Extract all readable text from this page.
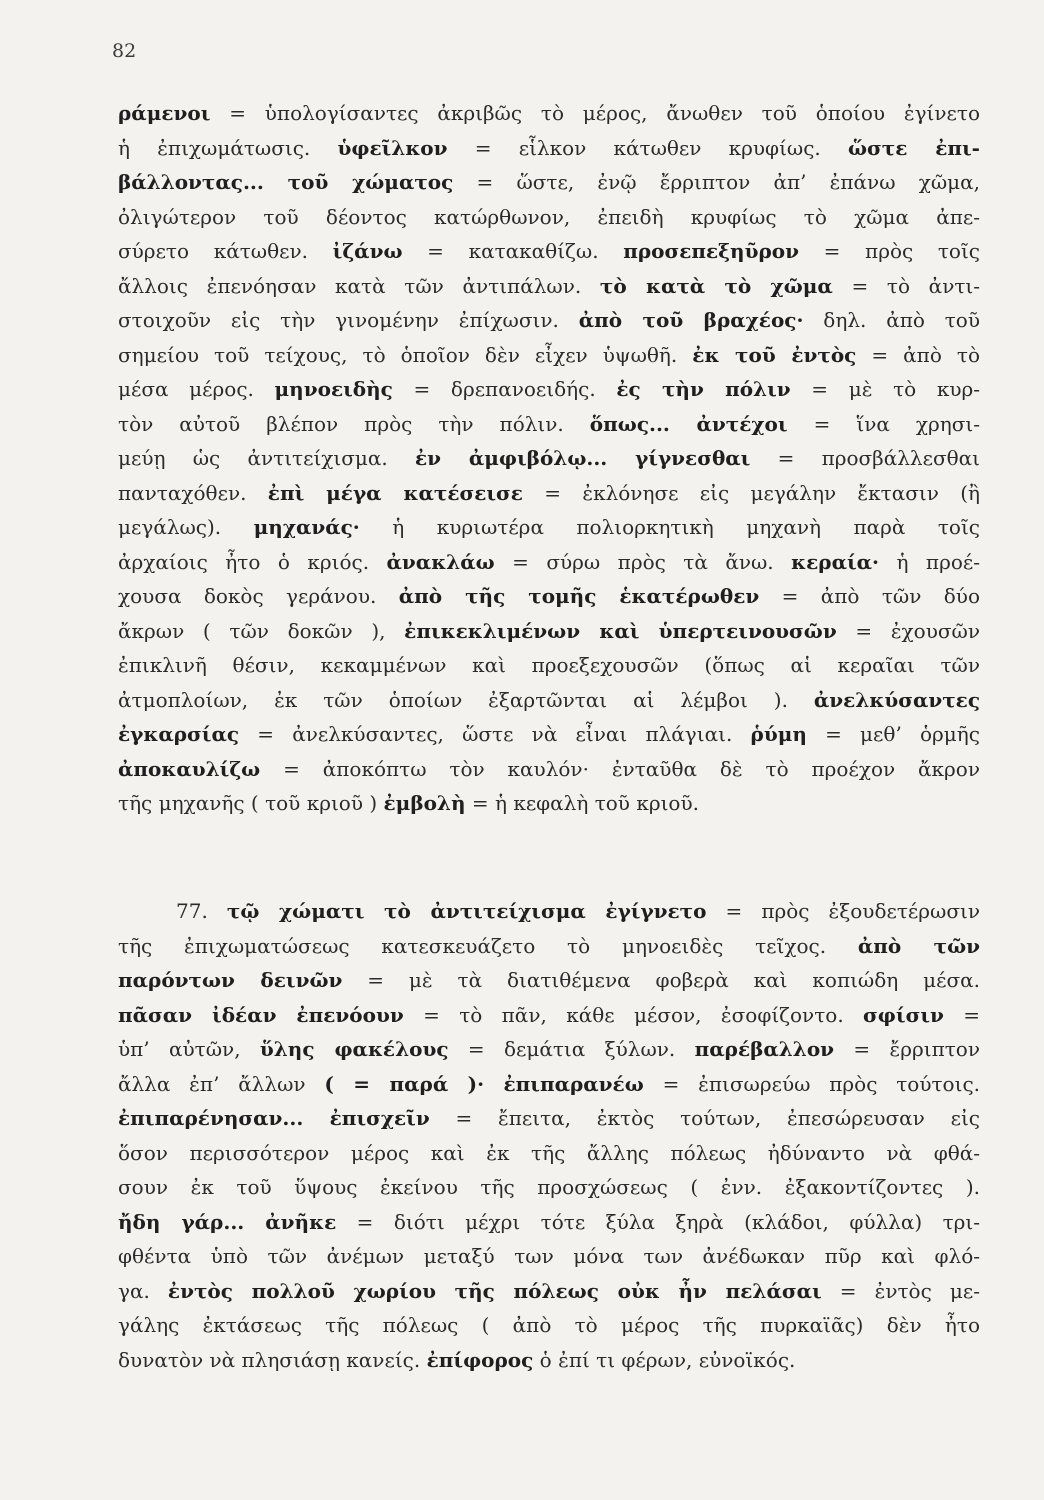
82
ράμενοι = ὑπολογίσαντες ἀκριβῶς τὸ μέρος, ἄνωθεν τοῦ ὁποίου ἐγίνετο
ἡ ἐπιχωμάτωσις. ὑφεῖλκον = εἷλκον κάτωθεν κρυφίως. ὥστε ἐπι-
βάλλοντας... τοῦ χώματος = ὥστε, ἐνῷ ἔρριπτον ἀπ’ ἐπάνω χῶμα,
ὀλιγώτερον τοῦ δέοντος κατώρθωνον, ἐπειδὴ κρυφίως τὸ χῶμα ἀπε-
σύρετο κάτωθεν. ἰζάνω = κατακαθίζω. προσεπεξηῦρον = πρὸς τοῖς
ἄλλοις ἐπενόησαν κατὰ τῶν ἀντιπάλων. τὸ κατὰ τὸ χῶμα = τὸ ἀντι-
στοιχοῦν εἰς τὴν γινομένην ἐπίχωσιν. ἀπὸ τοῦ βραχέος· δηλ. ἀπὸ τοῦ
σημείου τοῦ τείχους, τὸ ὁποῖον δὲν εἶχεν ὑψωθῆ. ἐκ τοῦ ἐντὸς = ἀπὸ τὸ
μέσα μέρος. μηνοειδὴς = δρεπανοειδής. ἐς τὴν πόλιν = μὲ τὸ κυρ-
τὸν αὐτοῦ βλέπον πρὸς τὴν πόλιν. ὅπως... ἀντέχοι = ἵνα χρησι-
μεύῃ ὡς ἀντιτείχισμα. ἐν ἀμφιβόλῳ... γίγνεσθαι = προσβάλλεσθαι
πανταχόθεν. ἐπὶ μέγα κατέσεισε = ἐκλόνησε εἰς μεγάλην ἔκτασιν (ἢ
μεγάλως). μηχανάς· ἡ κυριωτέρα πολιορκητικὴ μηχανὴ παρὰ τοῖς
ἀρχαίοις ἦτο ὁ κριός. ἀνακλάω = σύρω πρὸς τὰ ἄνω. κεραία· ἡ προέ-
χουσα δοκὸς γεράνου. ἀπὸ τῆς τομῆς ἑκατέρωθεν = ἀπὸ τῶν δύο
ἄκρων ( τῶν δοκῶν ), ἐπικεκλιμένων καὶ ὑπερτεινουσῶν = ἐχουσῶν
ἐπικλινῆ θέσιν, κεκαμμένων καὶ προεξεχουσῶν (ὅπως αἱ κεραῖαι τῶν
ἀτμοπλοίων, ἐκ τῶν ὁποίων ἐξαρτῶνται αἱ λέμβοι ). ἀνελκύσαντες
ἐγκαρσίας = ἀνελκύσαντες, ὥστε νὰ εἶναι πλάγιαι. ῥύμη = μεθ’ ὁρμῆς
ἀποκαυλίζω = ἀποκόπτω τὸν καυλόν· ἐνταῦθα δὲ τὸ προέχον ἄκρον
τῆς μηχανῆς ( τοῦ κριοῦ ) ἐμβολὴ = ἡ κεφαλὴ τοῦ κριοῦ.
77. τῷ χώματι τὸ ἀντιτείχισμα ἐγίγνετο = πρὸς ἐξουδετέρωσιν
τῆς ἐπιχωματώσεως κατεσκευάζετο τὸ μηνοειδὲς τεῖχος. ἀπὸ τῶν
παρόντων δεινῶν = μὲ τὰ διατιθέμενα φοβερὰ καὶ κοπιώδη μέσα.
πᾶσαν ἰδέαν ἐπενόουν = τὸ πᾶν, κάθε μέσον, ἐσοφίζοντο. σφίσιν =
ὑπ’ αὐτῶν, ὕλης φακέλους = δεμάτια ξύλων. παρέβαλλον = ἔρριπτον
ἄλλα ἐπ’ ἄλλων ( = παρά )· ἐπιπαρανέω = ἐπισωρεύω πρὸς τούτοις.
ἐπιπαρένησαν... ἐπισχεῖν = ἔπειτα, ἐκτὸς τούτων, ἐπεσώρευσαν εἰς
ὅσον περισσότερον μέρος καὶ ἐκ τῆς ἄλλης πόλεως ἠδύναντο νὰ φθά-
σουν ἐκ τοῦ ὕψους ἐκείνου τῆς προσχώσεως ( ἐνν. ἐξακοντίζοντες ).
ἤδη γάρ... ἀνῆκε = διότι μέχρι τότε ξύλα ξηρὰ (κλάδοι, φύλλα) τρι-
φθέντα ὑπὸ τῶν ἀνέμων μεταξύ των μόνα των ἀνέδωκαν πῦρ καὶ φλό-
γα. ἐντὸς πολλοῦ χωρίου τῆς πόλεως οὐκ ἦν πελάσαι = ἐντὸς με-
γάλης ἐκτάσεως τῆς πόλεως ( ἀπὸ τὸ μέρος τῆς πυρκαϊᾶς) δὲν ἦτο
δυνατὸν νὰ πλησιάσῃ κανείς. ἐπίφορος ὁ ἐπί τι φέρων, εὐνοϊκός.
